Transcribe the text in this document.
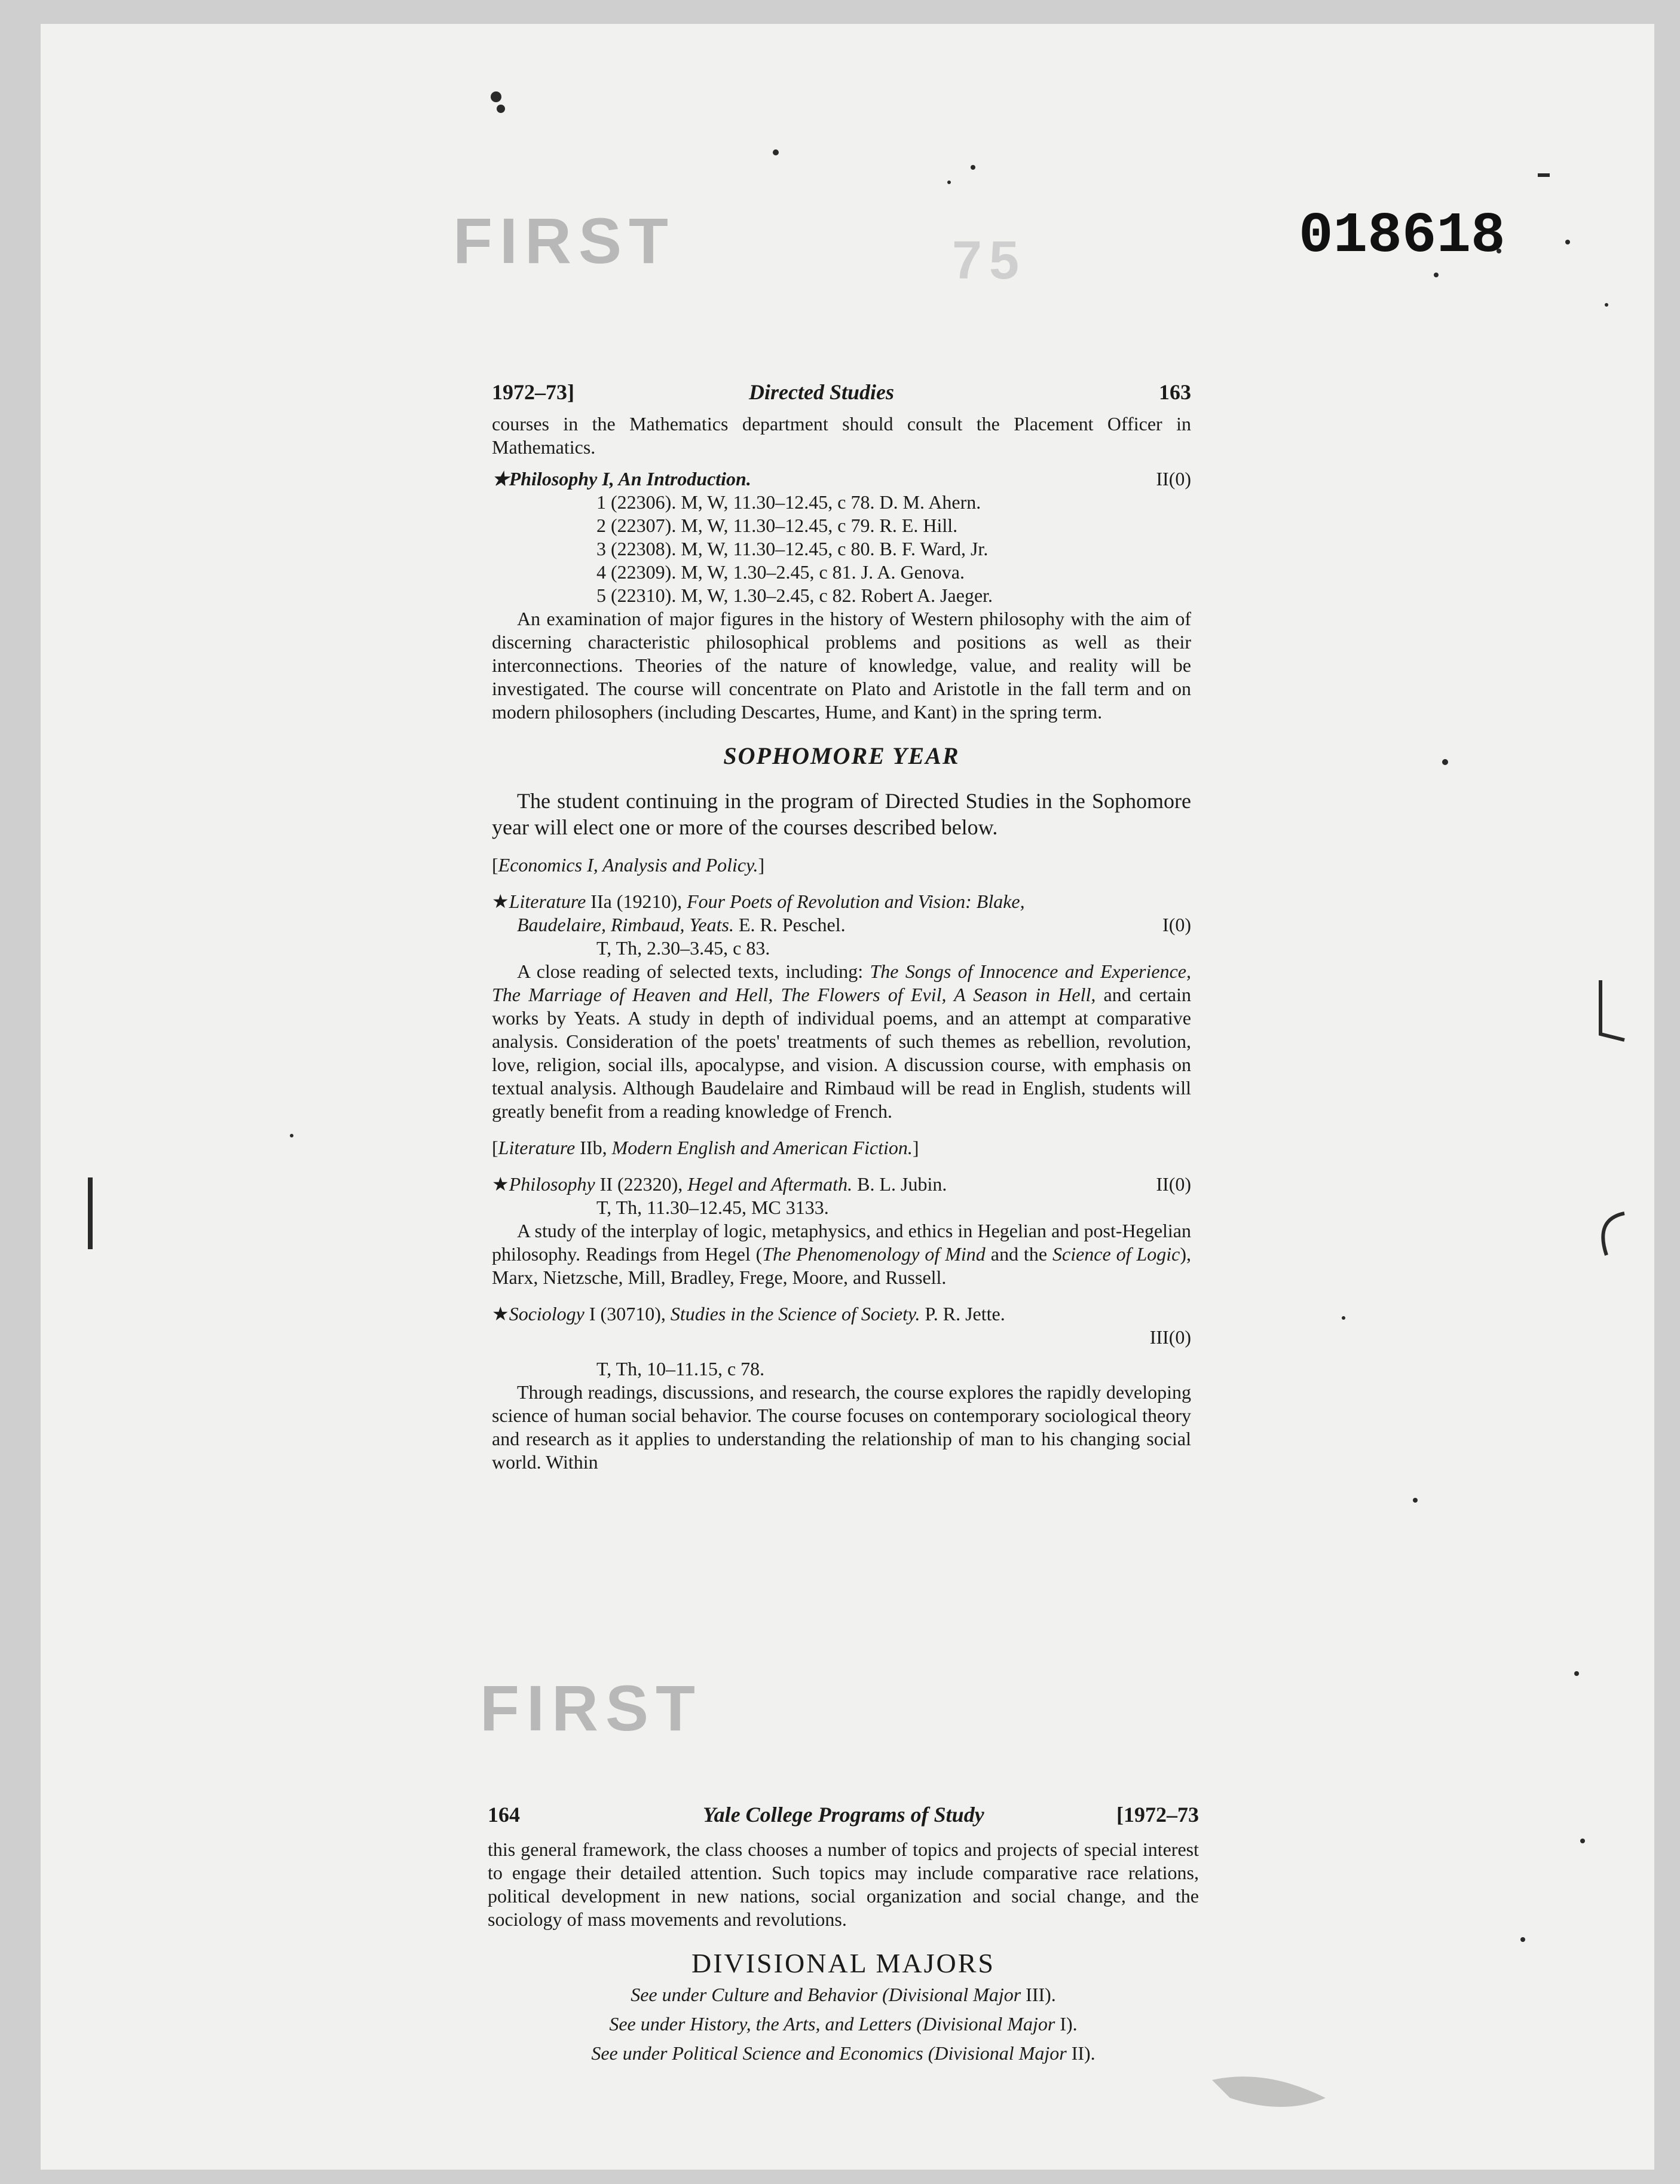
FIRST	75
FIRST
018618
1972–73]	Directed Studies	163

courses in the Mathematics department should consult the Placement Officer in Mathematics.

★Philosophy I, An Introduction.	II(0)
1 (22306). M, W, 11.30–12.45, c 78. D. M. Ahern.
2 (22307). M, W, 11.30–12.45, c 79. R. E. Hill.
3 (22308). M, W, 11.30–12.45, c 80. B. F. Ward, Jr.
4 (22309). M, W, 1.30–2.45, c 81. J. A. Genova.
5 (22310). M, W, 1.30–2.45, c 82. Robert A. Jaeger.

An examination of major figures in the history of Western philosophy with the aim of discerning characteristic philosophical problems and positions as well as their interconnections. Theories of the nature of knowledge, value, and reality will be investigated. The course will concentrate on Plato and Aristotle in the fall term and on modern philosophers (including Descartes, Hume, and Kant) in the spring term.

SOPHOMORE YEAR

The student continuing in the program of Directed Studies in the Sophomore year will elect one or more of the courses described below.

[Economics I, Analysis and Policy.]

★Literature IIa (19210), Four Poets of Revolution and Vision: Blake,
Baudelaire, Rimbaud, Yeats. E. R. Peschel.	I(0)
T, Th, 2.30–3.45, c 83.

A close reading of selected texts, including: The Songs of Innocence and Experience, The Marriage of Heaven and Hell, The Flowers of Evil, A Season in Hell, and certain works by Yeats. A study in depth of individual poems, and an attempt at comparative analysis. Consideration of the poets' treatments of such themes as rebellion, revolution, love, religion, social ills, apocalypse, and vision. A discussion course, with emphasis on textual analysis. Although Baudelaire and Rimbaud will be read in English, students will greatly benefit from a reading knowledge of French.

[Literature IIb, Modern English and American Fiction.]

★Philosophy II (22320), Hegel and Aftermath. B. L. Jubin.	II(0)
T, Th, 11.30–12.45, MC 3133.

A study of the interplay of logic, metaphysics, and ethics in Hegelian and post-Hegelian philosophy. Readings from Hegel (The Phenomenology of Mind and the Science of Logic), Marx, Nietzsche, Mill, Bradley, Frege, Moore, and Russell.

★Sociology I (30710), Studies in the Science of Society. P. R. Jette.
III(0)
T, Th, 10–11.15, c 78.

Through readings, discussions, and research, the course explores the rapidly developing science of human social behavior. The course focuses on contemporary sociological theory and research as it applies to understanding the relationship of man to his changing social world. Within

164	Yale College Programs of Study	[1972–73

this general framework, the class chooses a number of topics and projects of special interest to engage their detailed attention. Such topics may include comparative race relations, political development in new nations, social organization and social change, and the sociology of mass movements and revolutions.

DIVISIONAL MAJORS
See under Culture and Behavior (Divisional Major III).
See under History, the Arts, and Letters (Divisional Major I).
See under Political Science and Economics (Divisional Major II).
